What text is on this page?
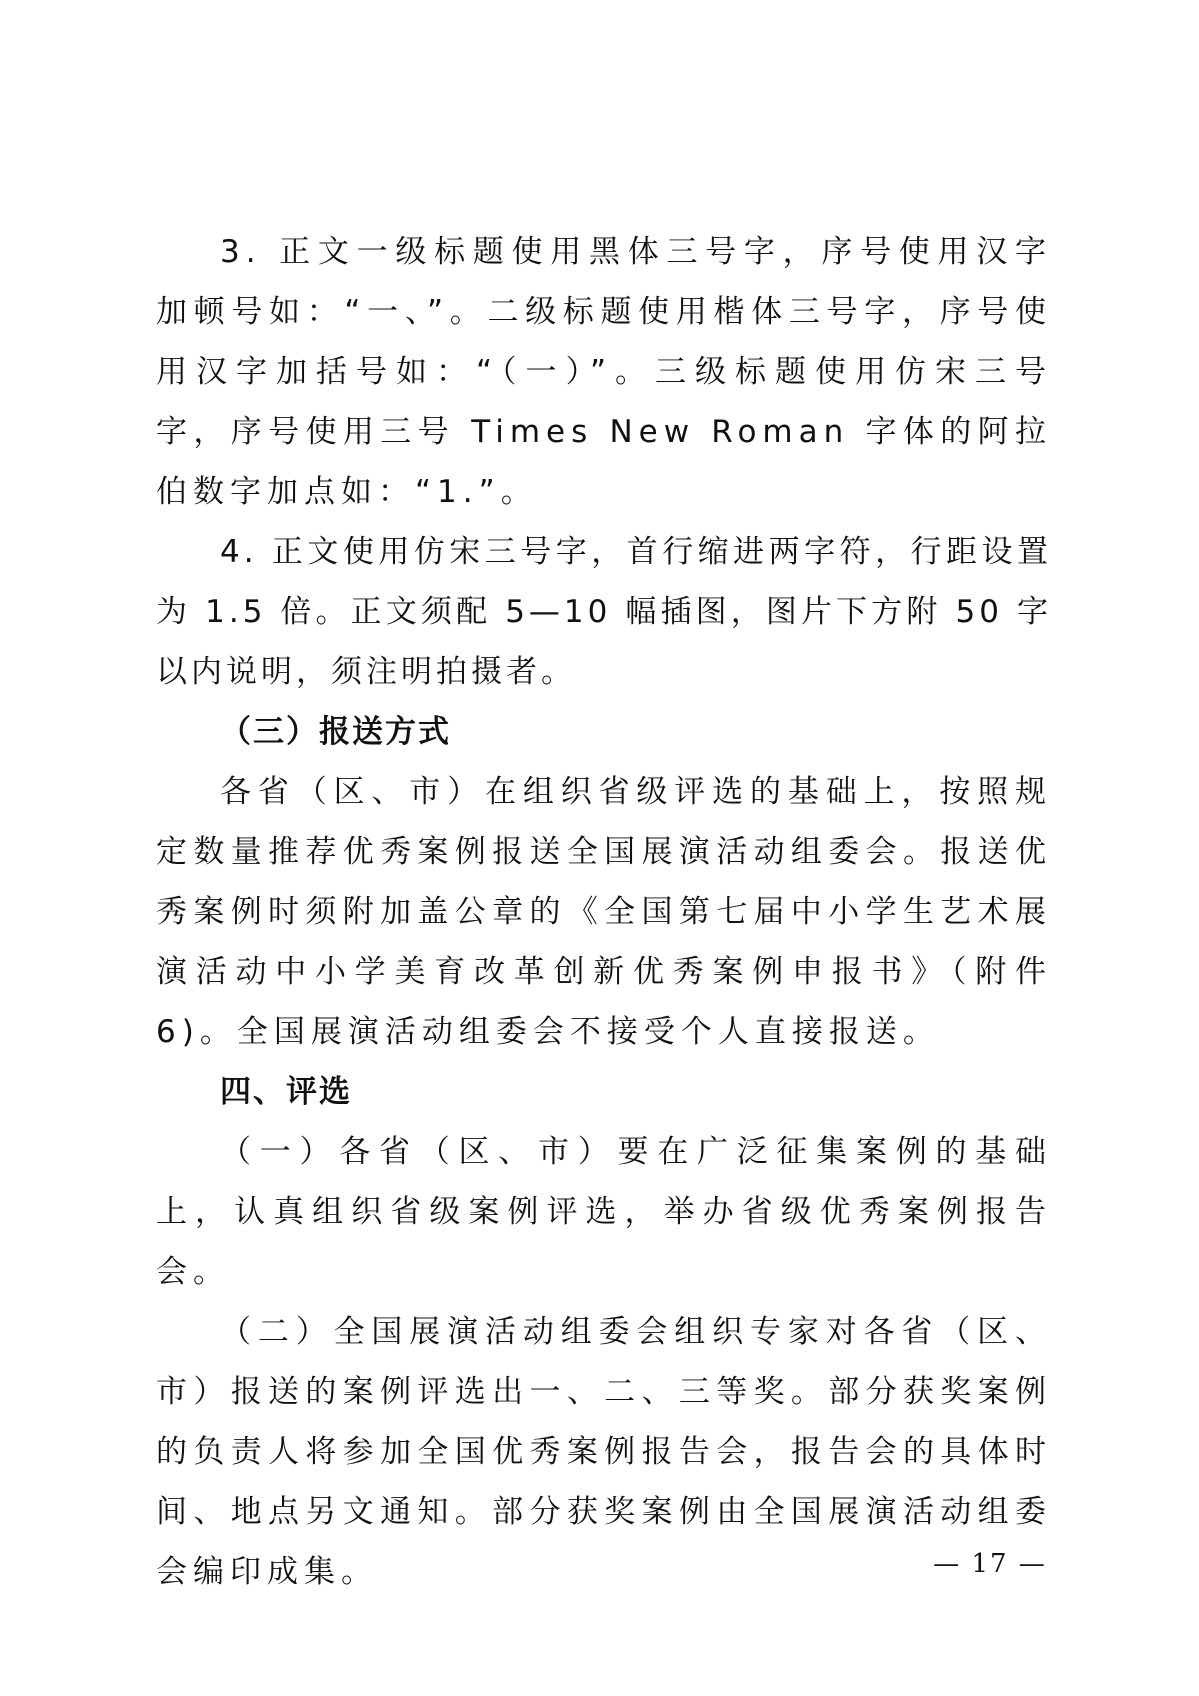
3. 正文一级标题使用黑体三号字，序号使用汉字加顿号如：“一、”。二级标题使用楷体三号字，序号使用汉字加括号如：“（一）”。三级标题使用仿宋三号字，序号使用三号 Times New Roman 字体的阿拉伯数字加点如：“1.”。

4. 正文使用仿宋三号字，首行缩进两字符，行距设置为 1.5 倍。正文须配 5—10 幅插图，图片下方附 50 字以内说明，须注明拍摄者。

（三）报送方式

各省（区、市）在组织省级评选的基础上，按照规定数量推荐优秀案例报送全国展演活动组委会。报送优秀案例时须附加盖公章的《全国第七届中小学生艺术展演活动中小学美育改革创新优秀案例申报书》（附件 6)。全国展演活动组委会不接受个人直接报送。

四、评选

（一）各省（区、市）要在广泛征集案例的基础上，认真组织省级案例评选，举办省级优秀案例报告会。

（二）全国展演活动组委会组织专家对各省（区、市）报送的案例评选出一、二、三等奖。部分获奖案例的负责人将参加全国优秀案例报告会，报告会的具体时间、地点另文通知。部分获奖案例由全国展演活动组委会编印成集。	— 17 —
